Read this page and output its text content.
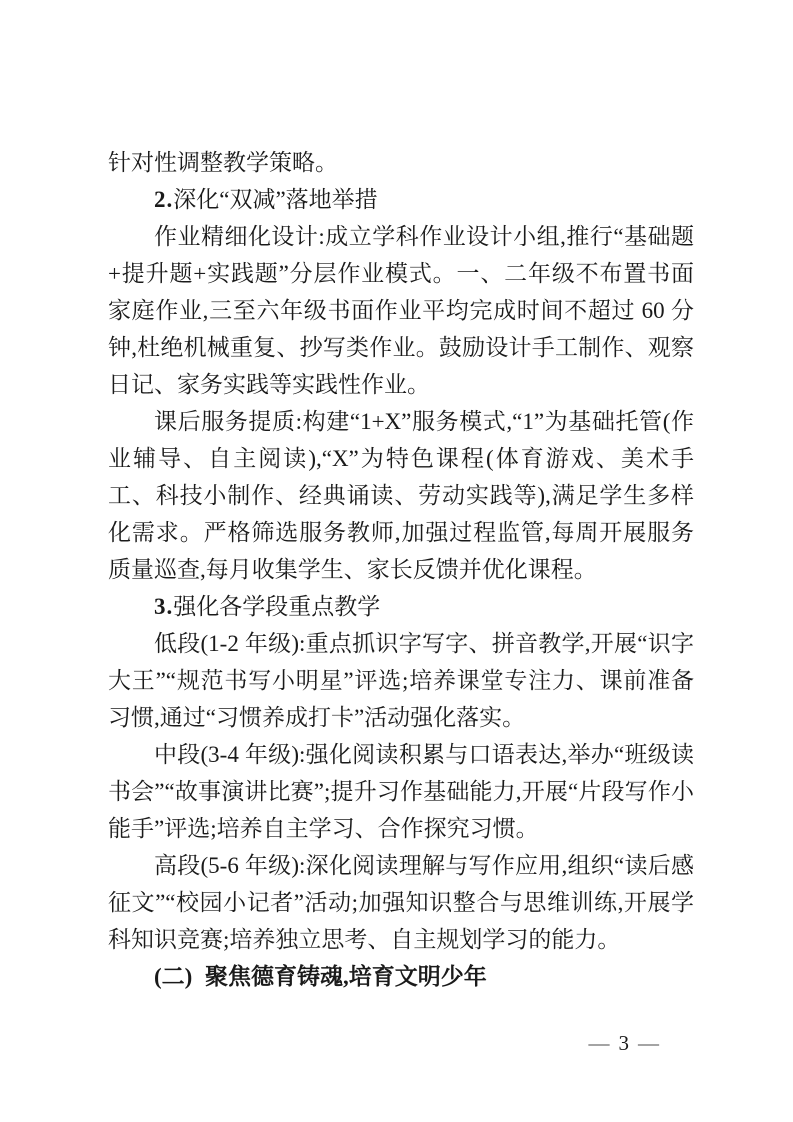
针对性调整教学策略。

2.深化“双减”落地举措

作业精细化设计:成立学科作业设计小组,推行“基础题+提升题+实践题”分层作业模式。一、二年级不布置书面家庭作业,三至六年级书面作业平均完成时间不超过 60 分钟,杜绝机械重复、抄写类作业。鼓励设计手工制作、观察日记、家务实践等实践性作业。

课后服务提质:构建“1+X”服务模式,“1”为基础托管(作业辅导、自主阅读),“X”为特色课程(体育游戏、美术手工、科技小制作、经典诵读、劳动实践等),满足学生多样化需求。严格筛选服务教师,加强过程监管,每周开展服务质量巡查,每月收集学生、家长反馈并优化课程。

3.强化各学段重点教学

低段(1-2 年级):重点抓识字写字、拼音教学,开展“识字大王”“规范书写小明星”评选;培养课堂专注力、课前准备习惯,通过“习惯养成打卡”活动强化落实。

中段(3-4 年级):强化阅读积累与口语表达,举办“班级读书会”“故事演讲比赛”;提升习作基础能力,开展“片段写作小能手”评选;培养自主学习、合作探究习惯。

高段(5-6 年级):深化阅读理解与写作应用,组织“读后感征文”“校园小记者”活动;加强知识整合与思维训练,开展学科知识竞赛;培养独立思考、自主规划学习的能力。

(二) 聚焦德育铸魂,培育文明少年

— 3 —
